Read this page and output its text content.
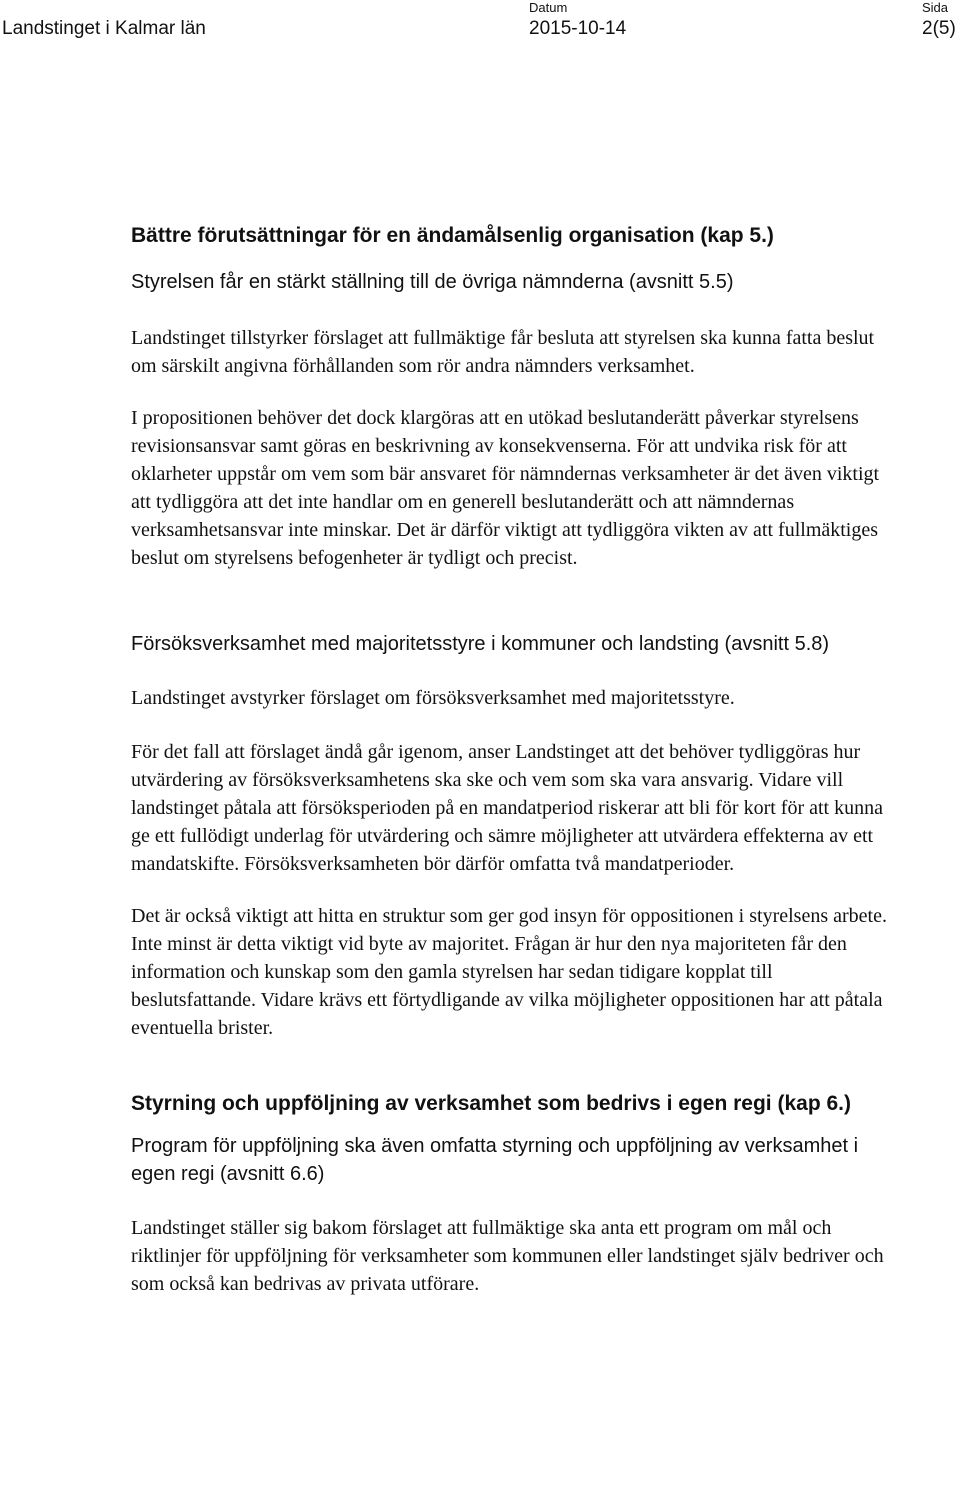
Landstinget i Kalmar län
Datum
2015-10-14
Sida
2(5)
Bättre förutsättningar för en ändamålsenlig organisation (kap 5.)
Styrelsen får en stärkt ställning till de övriga nämnderna (avsnitt 5.5)

Landstinget tillstyrker förslaget att fullmäktige får besluta att styrelsen ska kunna fatta beslut om särskilt angivna förhållanden som rör andra nämnders verksamhet.

I propositionen behöver det dock klargöras att en utökad beslutanderätt påverkar styrelsens revisionsansvar samt göras en beskrivning av konsekvenserna. För att undvika risk för att oklarheter uppstår om vem som bär ansvaret för nämndernas verksamheter är det även viktigt att tydliggöra att det inte handlar om en generell beslutanderätt och att nämndernas verksamhetsansvar inte minskar. Det är därför viktigt att tydliggöra vikten av att fullmäktiges beslut om styrelsens befogenheter är tydligt och precist.

Försöksverksamhet med majoritetsstyre i kommuner och landsting (avsnitt 5.8)

Landstinget avstyrker förslaget om försöksverksamhet med majoritetsstyre.

För det fall att förslaget ändå går igenom, anser Landstinget att det behöver tydliggöras hur utvärdering av försöksverksamhetens ska ske och vem som ska vara ansvarig. Vidare vill landstinget påtala att försöksperioden på en mandatperiod riskerar att bli för kort för att kunna ge ett fullödigt underlag för utvärdering och sämre möjligheter att utvärdera effekterna av ett mandatskifte. Försöksverksamheten bör därför omfatta två mandatperioder.

Det är också viktigt att hitta en struktur som ger god insyn för oppositionen i styrelsens arbete. Inte minst är detta viktigt vid byte av majoritet. Frågan är hur den nya majoriteten får den information och kunskap som den gamla styrelsen har sedan tidigare kopplat till beslutsfattande. Vidare krävs ett förtydligande av vilka möjligheter oppositionen har att påtala eventuella brister.

Styrning och uppföljning av verksamhet som bedrivs i egen regi (kap 6.)
Program för uppföljning ska även omfatta styrning och uppföljning av verksamhet i egen regi (avsnitt 6.6)

Landstinget ställer sig bakom förslaget att fullmäktige ska anta ett program om mål och riktlinjer för uppföljning för verksamheter som kommunen eller landstinget själv bedriver och som också kan bedrivas av privata utförare.
